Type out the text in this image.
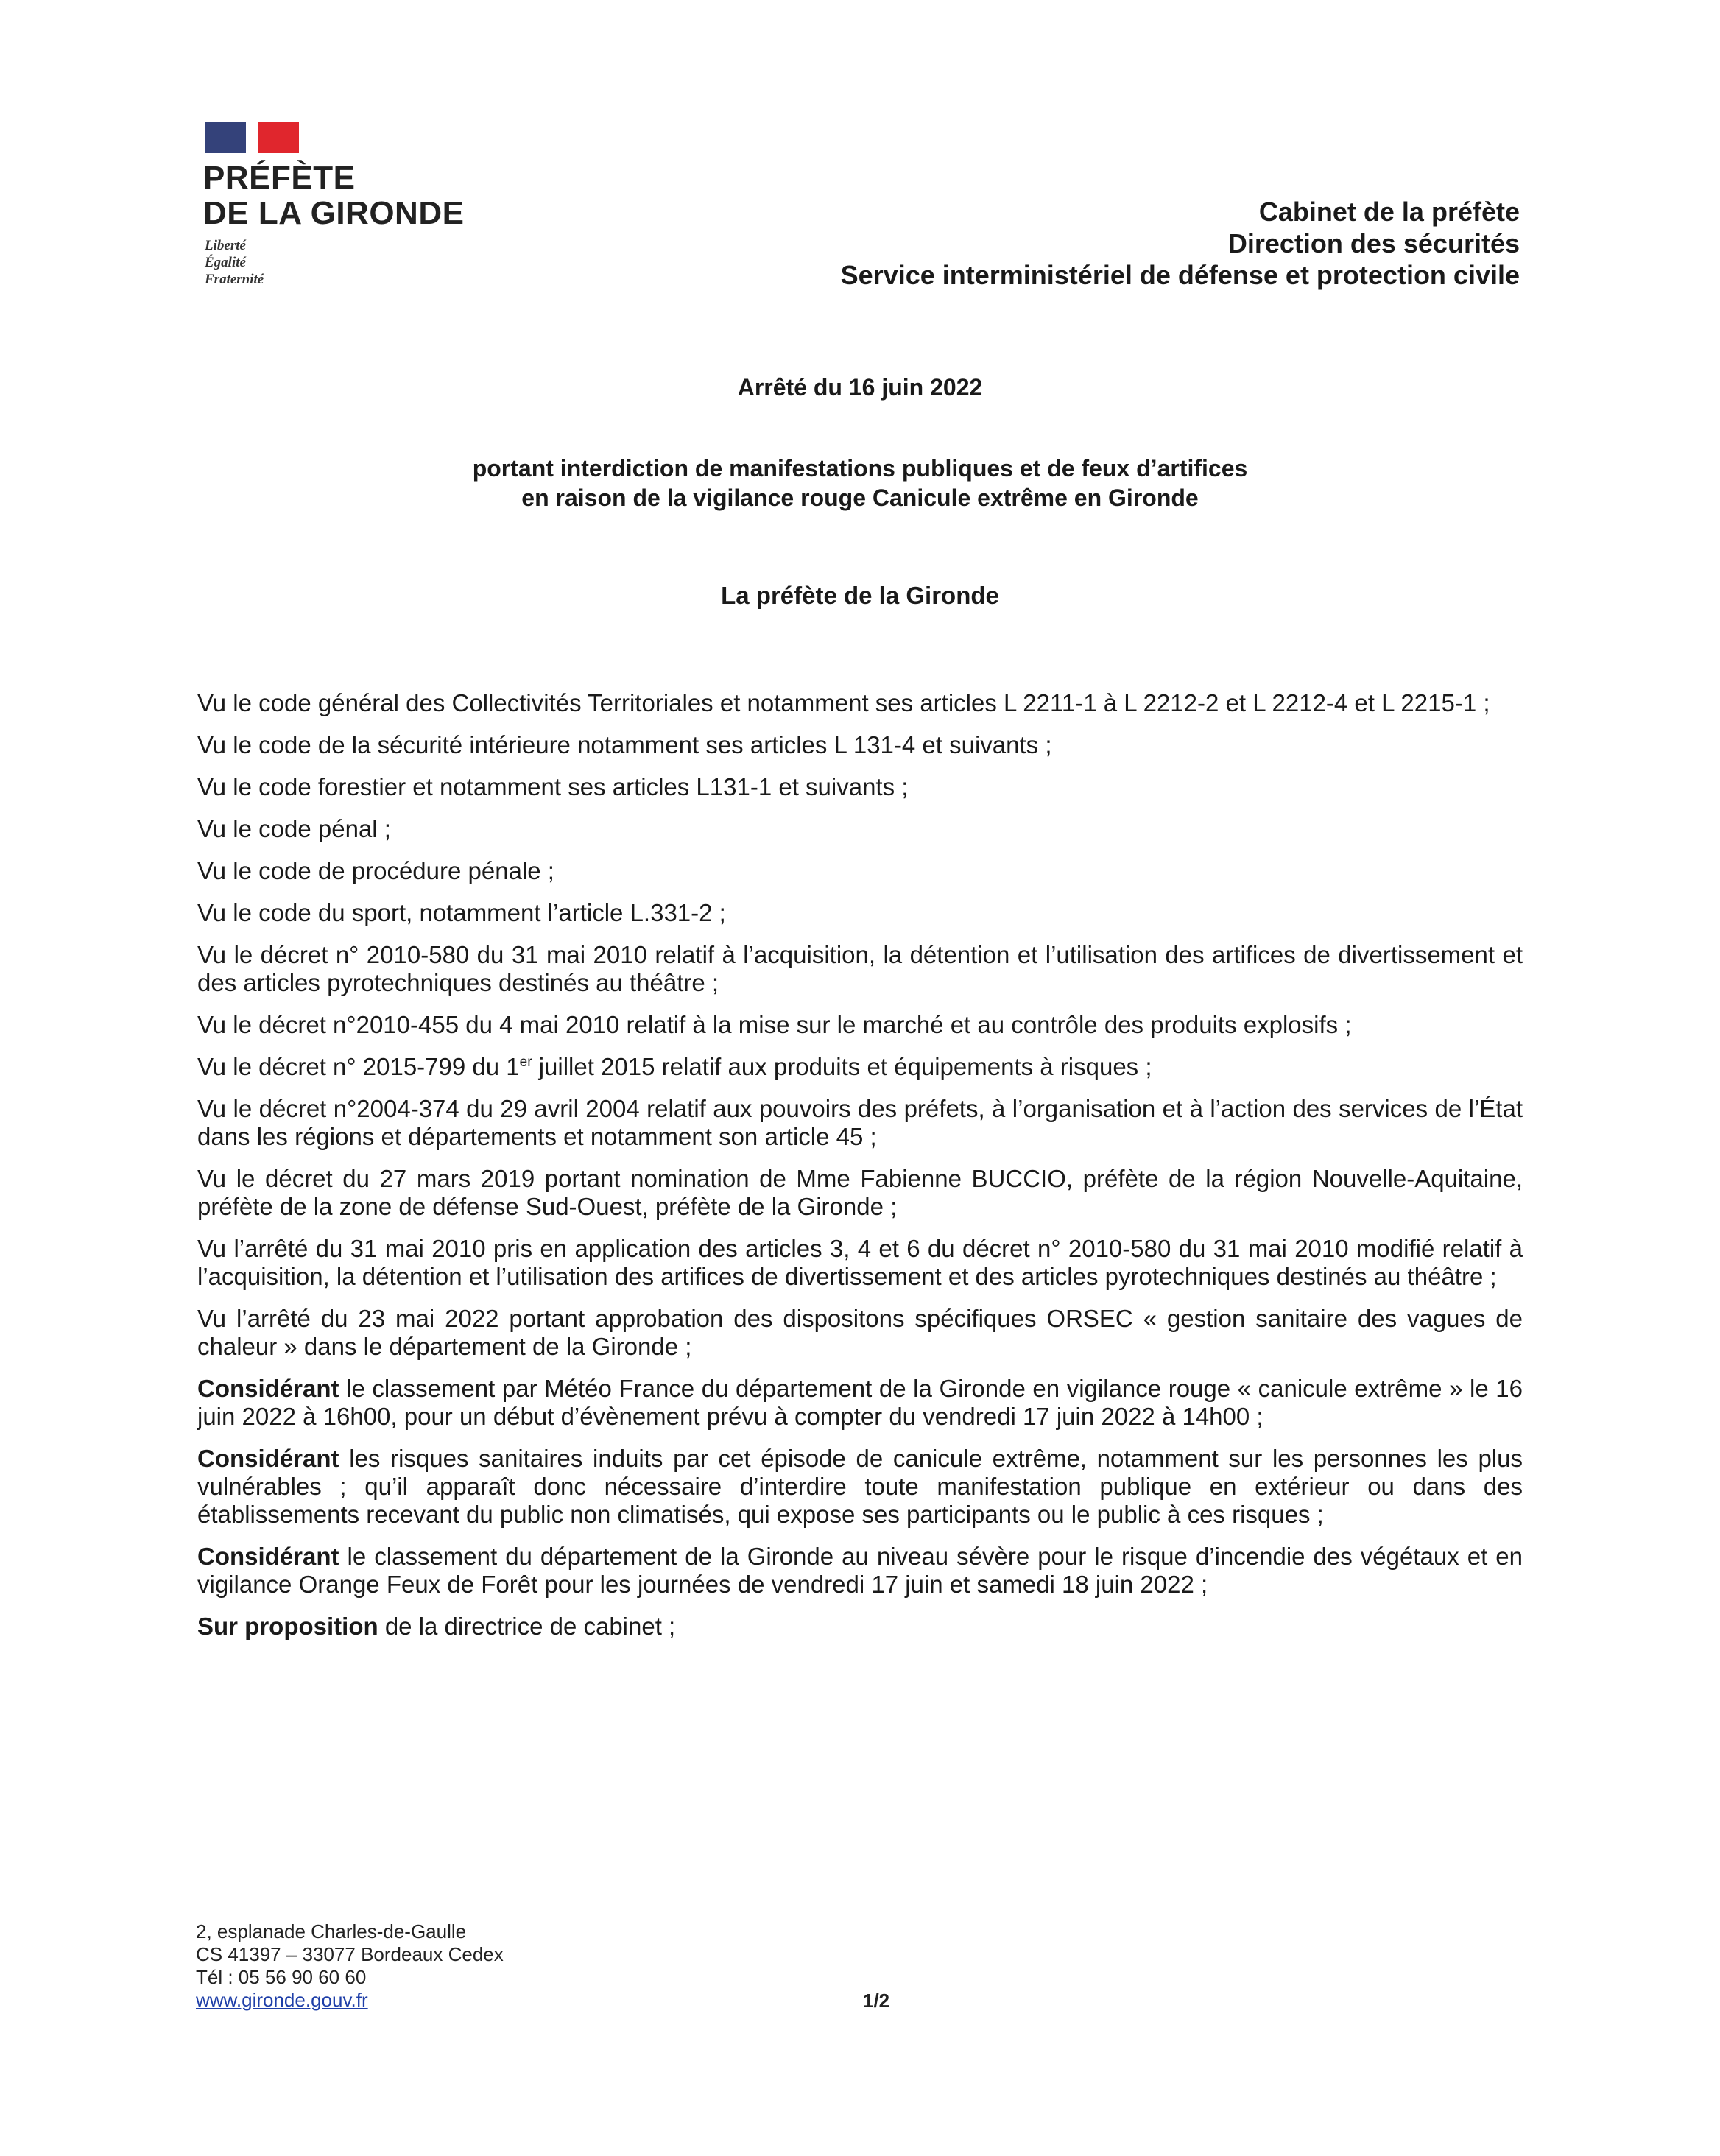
PRÉFÈTE
DE LA GIRONDE
Liberté
Égalité
Fraternité
Cabinet de la préfète
Direction des sécurités
Service interministériel de défense et protection civile
Arrêté du 16 juin 2022
portant interdiction de manifestations publiques et de feux d’artifices
en raison de la vigilance rouge Canicule extrême en Gironde
La préfète de la Gironde

Vu le code général des Collectivités Territoriales et notamment ses articles L 2211-1 à L 2212-2 et L 2212-4 et L 2215-1 ;

Vu le code de la sécurité intérieure notamment ses articles L 131-4 et suivants ;

Vu le code forestier et notamment ses articles L131-1 et suivants ;

Vu le code pénal ;

Vu le code de procédure pénale ;

Vu le code du sport, notamment l’article L.331-2 ;

Vu le décret n° 2010-580 du 31 mai 2010 relatif à l’acquisition, la détention et l’utilisation des artifices de divertissement et des articles pyrotechniques destinés au théâtre ;

Vu le décret n°2010-455 du 4 mai 2010 relatif à la mise sur le marché et au contrôle des produits explosifs ;

Vu le décret n° 2015-799 du 1er juillet 2015 relatif aux produits et équipements à risques ;

Vu le décret n°2004-374 du 29 avril 2004 relatif aux pouvoirs des préfets, à l’organisation et à l’action des services de l’État dans les régions et départements et notamment son article 45 ;

Vu le décret du 27 mars 2019 portant nomination de Mme Fabienne BUCCIO, préfète de la région Nouvelle-Aquitaine, préfète de la zone de défense Sud-Ouest, préfète de la Gironde ;

Vu l’arrêté du 31 mai 2010 pris en application des articles 3, 4 et 6 du décret n° 2010-580 du 31 mai 2010 modifié relatif à l’acquisition, la détention et l’utilisation des artifices de divertissement et des articles pyrotechniques destinés au théâtre ;

Vu l’arrêté du 23 mai 2022 portant approbation des dispositons spécifiques ORSEC « gestion sanitaire des vagues de chaleur » dans le département de la Gironde ;

Considérant le classement par Météo France du département de la Gironde en vigilance rouge « canicule extrême » le 16 juin 2022 à 16h00, pour un début d’évènement prévu à compter du vendredi 17 juin 2022 à 14h00 ;

Considérant les risques sanitaires induits par cet épisode de canicule extrême, notamment sur les personnes les plus vulnérables ; qu’il apparaît donc nécessaire d’interdire toute manifestation publique en extérieur ou dans des établissements recevant du public non climatisés, qui expose ses participants ou le public à ces risques ;

Considérant le classement du département de la Gironde au niveau sévère pour le risque d’incendie des végétaux et en vigilance Orange Feux de Forêt pour les journées de vendredi 17 juin et samedi 18 juin 2022 ;

Sur proposition de la directrice de cabinet ;

2, esplanade Charles-de-Gaulle
CS 41397 – 33077 Bordeaux Cedex
Tél : 05 56 90 60 60
www.gironde.gouv.fr	1/2
